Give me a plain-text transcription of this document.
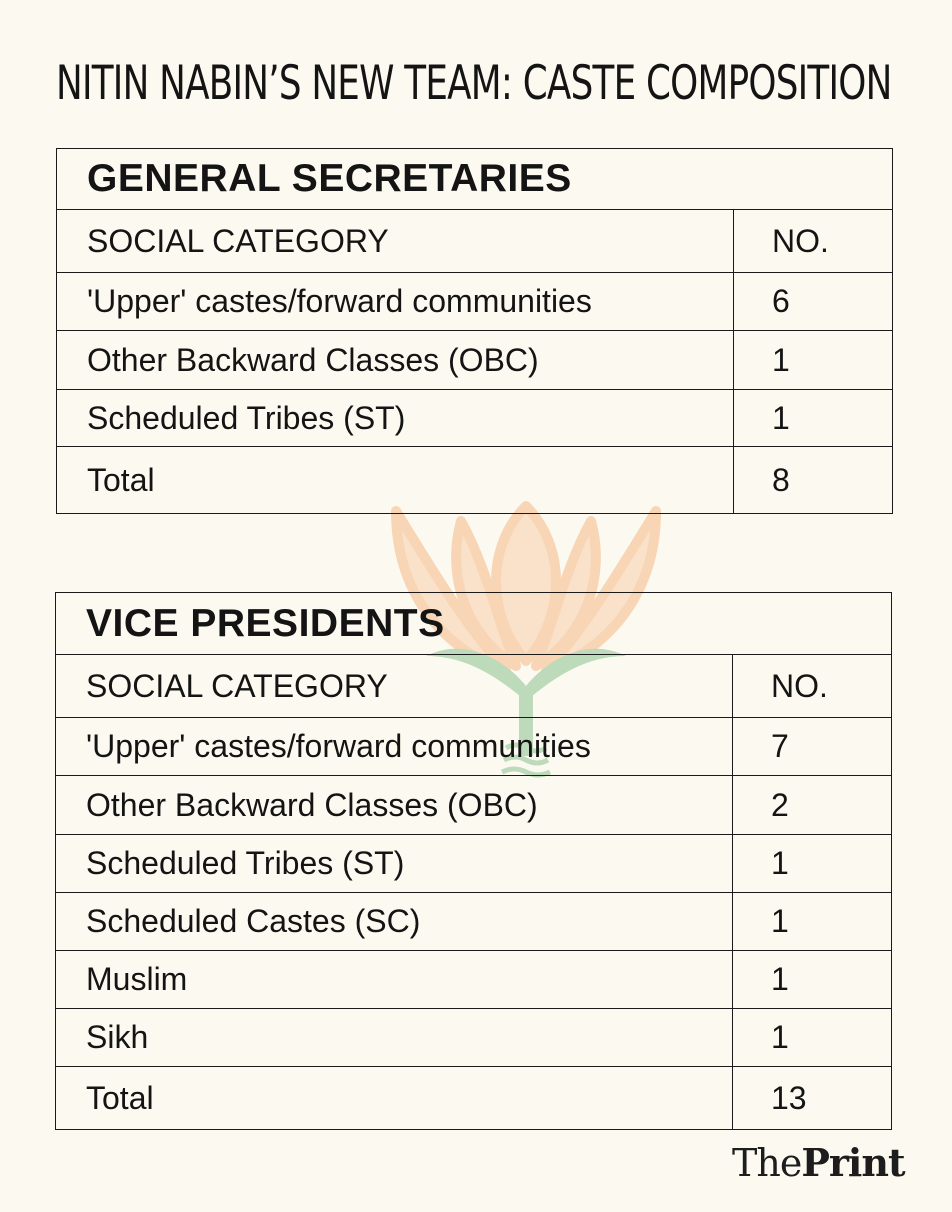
NITIN NABIN’S NEW TEAM: CASTE COMPOSITION
GENERAL SECRETARIES	
SOCIAL CATEGORY	NO.
'Upper' castes/forward communities	6
Other Backward Classes (OBC)	1
Scheduled Tribes (ST)	1
Total	8
VICE PRESIDENTS	
SOCIAL CATEGORY	NO.
'Upper' castes/forward communities	7
Other Backward Classes (OBC)	2
Scheduled Tribes (ST)	1
Scheduled Castes (SC)	1
Muslim	1
Sikh	1
Total	13
ThePrint
